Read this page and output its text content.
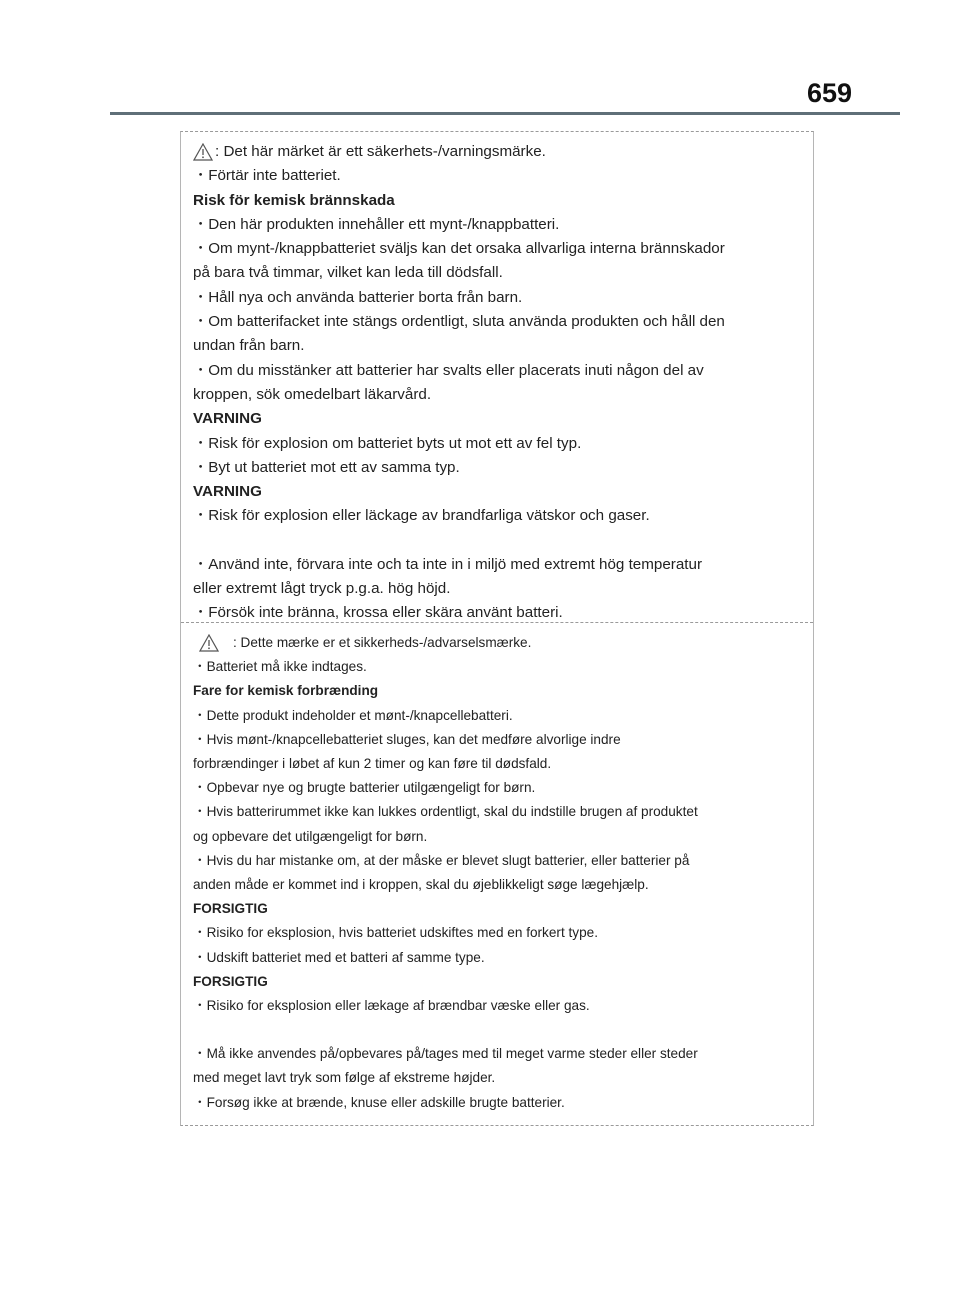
659
: Det här märket är ett säkerhets-/varningsmärke.
・Förtär inte batteriet.
Risk för kemisk brännskada
・Den här produkten innehåller ett mynt-/knappbatteri.
・Om mynt-/knappbatteriet sväljs kan det orsaka allvarliga interna brännskador
på bara två timmar, vilket kan leda till dödsfall.
・Håll nya och använda batterier borta från barn.
・Om batterifacket inte stängs ordentligt, sluta använda produkten och håll den
undan från barn.
・Om du misstänker att batterier har svalts eller placerats inuti någon del av
kroppen, sök omedelbart läkarvård.
VARNING
・Risk för explosion om batteriet byts ut mot ett av fel typ.
・Byt ut batteriet mot ett av samma typ.
VARNING
・Risk för explosion eller läckage av brandfarliga vätskor och gaser.
・Använd inte, förvara inte och ta inte in i miljö med extremt hög temperatur
eller extremt lågt tryck p.g.a. hög höjd.
・Försök inte bränna, krossa eller skära använt batteri.
: Dette mærke er et sikkerheds-/advarselsmærke.
・Batteriet må ikke indtages.
Fare for kemisk forbrænding
・Dette produkt indeholder et mønt-/knapcellebatteri.
・Hvis mønt-/knapcellebatteriet sluges, kan det medføre alvorlige indre
forbrændinger i løbet af kun 2 timer og kan føre til dødsfald.
・Opbevar nye og brugte batterier utilgængeligt for børn.
・Hvis batterirummet ikke kan lukkes ordentligt, skal du indstille brugen af produktet
og opbevare det utilgængeligt for børn.
・Hvis du har mistanke om, at der måske er blevet slugt batterier, eller batterier på
anden måde er kommet ind i kroppen, skal du øjeblikkeligt søge lægehjælp.
FORSIGTIG
・Risiko for eksplosion, hvis batteriet udskiftes med en forkert type.
・Udskift batteriet med et batteri af samme type.
FORSIGTIG
・Risiko for eksplosion eller lækage af brændbar væske eller gas.
・Må ikke anvendes på/opbevares på/tages med til meget varme steder eller steder
med meget lavt tryk som følge af ekstreme højder.
・Forsøg ikke at brænde, knuse eller adskille brugte batterier.
